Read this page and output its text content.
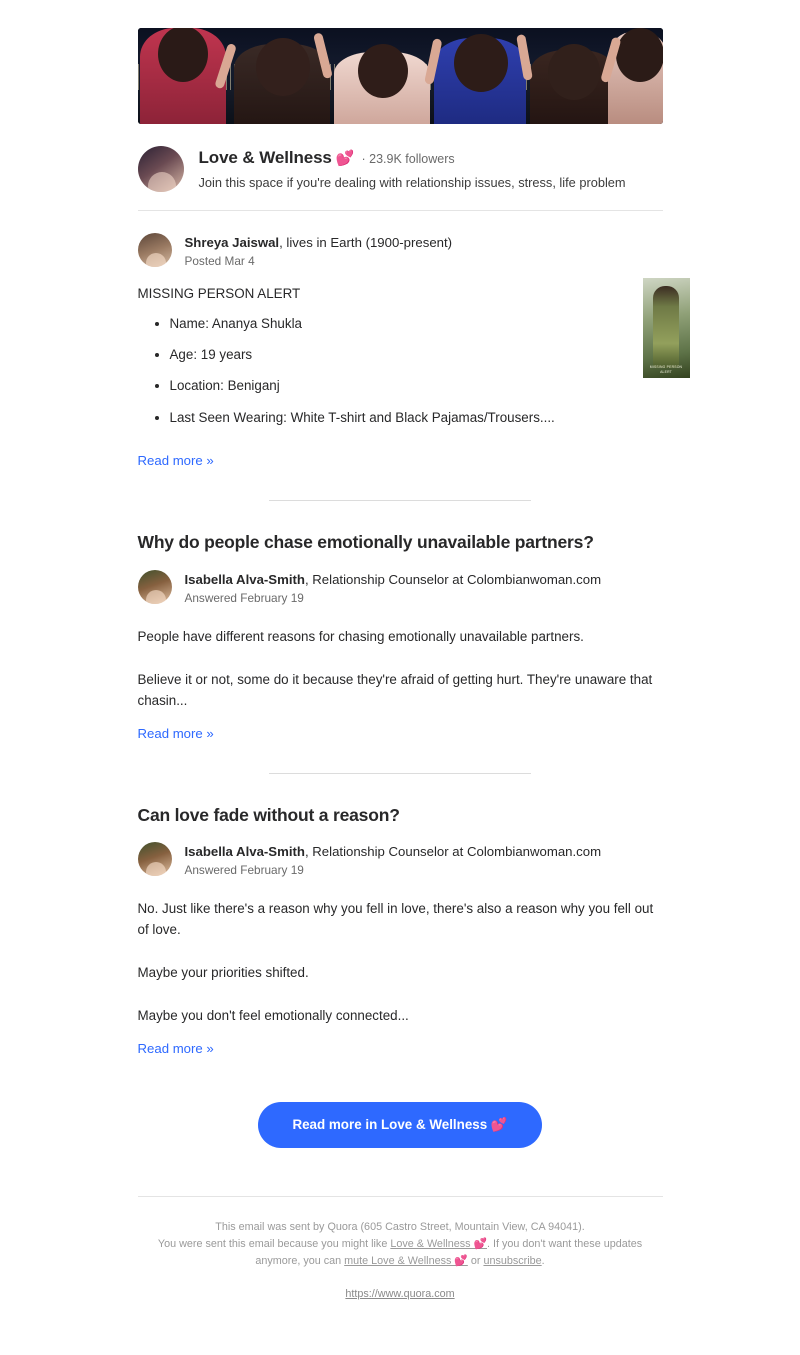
Love & Wellness 💕 · 23.9K followers
Join this space if you're dealing with relationship issues, stress, life problem
Shreya Jaiswal, lives in Earth (1900-present)
Posted Mar 4
MISSING PERSON ALERT
MISSING PERSON ALERT
• Name: Ananya Shukla
• Age: 19 years
• Location: Beniganj
• Last Seen Wearing: White T-shirt and Black Pajamas/Trousers....
Read more »
Why do people chase emotionally unavailable partners?
Isabella Alva-Smith, Relationship Counselor at Colombianwoman.com
Answered February 19
People have different reasons for chasing emotionally unavailable partners.
Believe it or not, some do it because they're afraid of getting hurt. They're unaware that chasin...
Read more »
Can love fade without a reason?
Isabella Alva-Smith, Relationship Counselor at Colombianwoman.com
Answered February 19
No. Just like there's a reason why you fell in love, there's also a reason why you fell out of love.
Maybe your priorities shifted.
Maybe you don't feel emotionally connected...
Read more »
Read more in Love & Wellness 💕
This email was sent by Quora (605 Castro Street, Mountain View, CA 94041).
You were sent this email because you might like Love & Wellness 💕. If you don't want these updates anymore, you can mute Love & Wellness 💕 or unsubscribe.
https://www.quora.com
